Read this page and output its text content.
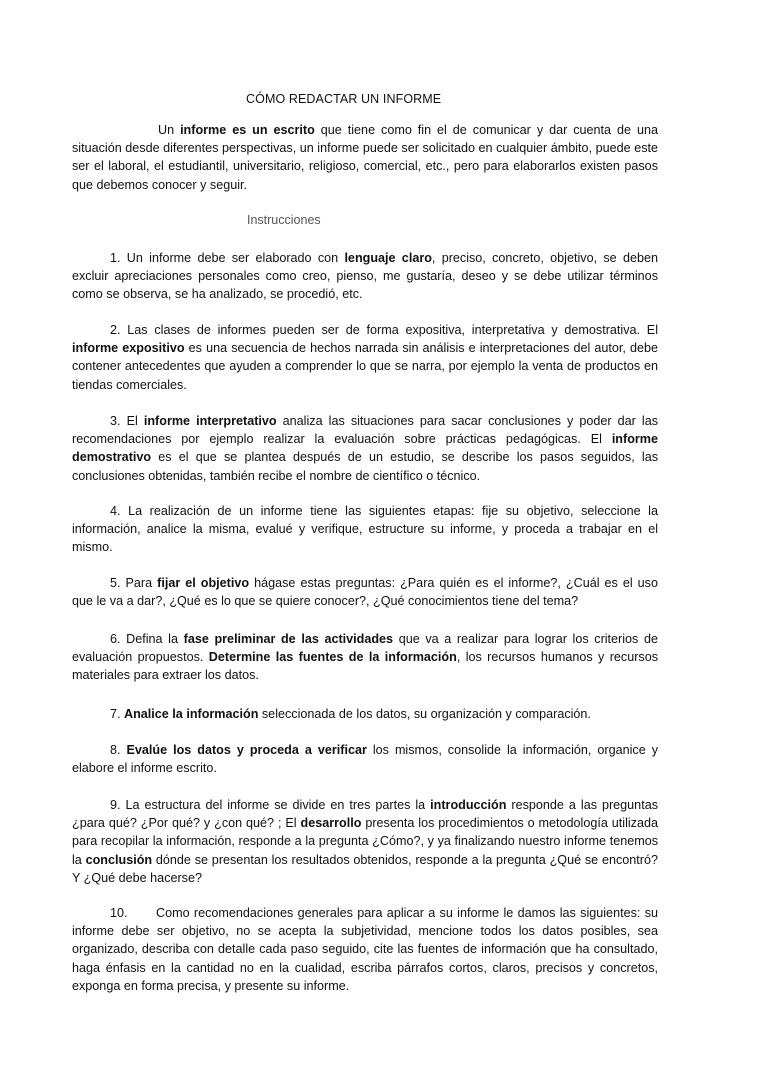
CÓMO REDACTAR UN INFORME

Un informe es un escrito que tiene como fin el de comunicar y dar cuenta de una situación desde diferentes perspectivas, un informe puede ser solicitado en cualquier ámbito, puede este ser el laboral, el estudiantil, universitario, religioso, comercial, etc., pero para elaborarlos existen pasos que debemos conocer y seguir.

Instrucciones

1. Un informe debe ser elaborado con lenguaje claro, preciso, concreto, objetivo, se deben excluir apreciaciones personales como creo, pienso, me gustaría, deseo y se debe utilizar términos como se observa, se ha analizado, se procedió, etc.

2. Las clases de informes pueden ser de forma expositiva, interpretativa y demostrativa. El informe expositivo es una secuencia de hechos narrada sin análisis e interpretaciones del autor, debe contener antecedentes que ayuden a comprender lo que se narra, por ejemplo la venta de productos en tiendas comerciales.

3. El informe interpretativo analiza las situaciones para sacar conclusiones y poder dar las recomendaciones por ejemplo realizar la evaluación sobre prácticas pedagógicas. El informe demostrativo es el que se plantea después de un estudio, se describe los pasos seguidos, las conclusiones obtenidas, también recibe el nombre de científico o técnico.

4. La realización de un informe tiene las siguientes etapas: fije su objetivo, seleccione la información, analice la misma, evalué y verifique, estructure su informe, y proceda a trabajar en el mismo.

5. Para fijar el objetivo hágase estas preguntas: ¿Para quién es el informe?, ¿Cuál es el uso que le va a dar?, ¿Qué es lo que se quiere conocer?, ¿Qué conocimientos tiene del tema?

6. Defina la fase preliminar de las actividades que va a realizar para lograr los criterios de evaluación propuestos. Determine las fuentes de la información, los recursos humanos y recursos materiales para extraer los datos.

7. Analice la información seleccionada de los datos, su organización y comparación.

8. Evalúe los datos y proceda a verificar los mismos, consolide la información, organice y elabore el informe escrito.

9. La estructura del informe se divide en tres partes la introducción responde a las preguntas ¿para qué? ¿Por qué? y ¿con qué? ; El desarrollo presenta los procedimientos o metodología utilizada para recopilar la información, responde a la pregunta ¿Cómo?, y ya finalizando nuestro informe tenemos la conclusión dónde se presentan los resultados obtenidos, responde a la pregunta ¿Qué se encontró? Y ¿Qué debe hacerse?

10. Como recomendaciones generales para aplicar a su informe le damos las siguientes: su informe debe ser objetivo, no se acepta la subjetividad, mencione todos los datos posibles, sea organizado, describa con detalle cada paso seguido, cite las fuentes de información que ha consultado, haga énfasis en la cantidad no en la cualidad, escriba párrafos cortos, claros, precisos y concretos, exponga en forma precisa, y presente su informe.
